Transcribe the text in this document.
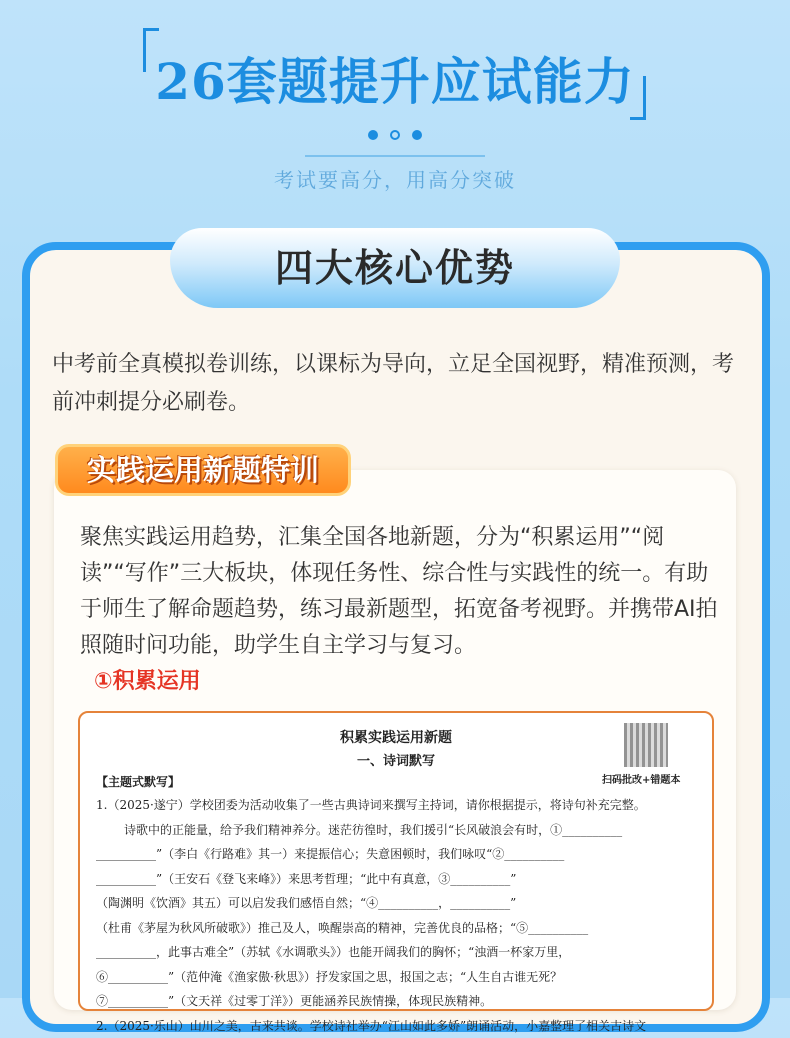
26套题提升应试能力
考试要高分，用高分突破
四大核心优势
中考前全真模拟卷训练，以课标为导向，立足全国视野，精准预测，考前冲刺提分必刷卷。
实践运用新题特训
聚焦实践运用趋势，汇集全国各地新题，分为“积累运用”“阅读”“写作”三大板块，体现任务性、综合性与实践性的统一。有助于师生了解命题趋势，练习最新题型，拓宽备考视野。并携带AI拍照随时问功能，助学生自主学习与复习。
①积累运用
积累实践运用新题
一、诗词默写
扫码批改+错题本
【主题式默写】
1.（2025·遂宁）学校团委为活动收集了一些古典诗词来撰写主持词，请你根据提示，将诗句补充完整。
诗歌中的正能量，给予我们精神养分。迷茫彷徨时，我们援引“长风破浪会有时，①__________
__________”（李白《行路难》其一）来提振信心；失意困顿时，我们咏叹“②__________
__________”（王安石《登飞来峰》）来思考哲理；“此中有真意，③__________”
（陶渊明《饮酒》其五）可以启发我们感悟自然；“④__________，__________”
（杜甫《茅屋为秋风所破歌》）推己及人，唤醒崇高的精神，完善优良的品格；“⑤__________
__________，此事古难全”（苏轼《水调歌头》）也能开阔我们的胸怀；“浊酒一杯家万里，
⑥__________”（范仲淹《渔家傲·秋思》）抒发家国之思，报国之志；“人生自古谁无死？
⑦__________”（文天祥《过零丁洋》）更能涵养民族情操，体现民族精神。
2.（2025·乐山）山川之美，古来共谈。学校诗社举办“江山如此多娇”朗诵活动，小嘉整理了相关古诗文
